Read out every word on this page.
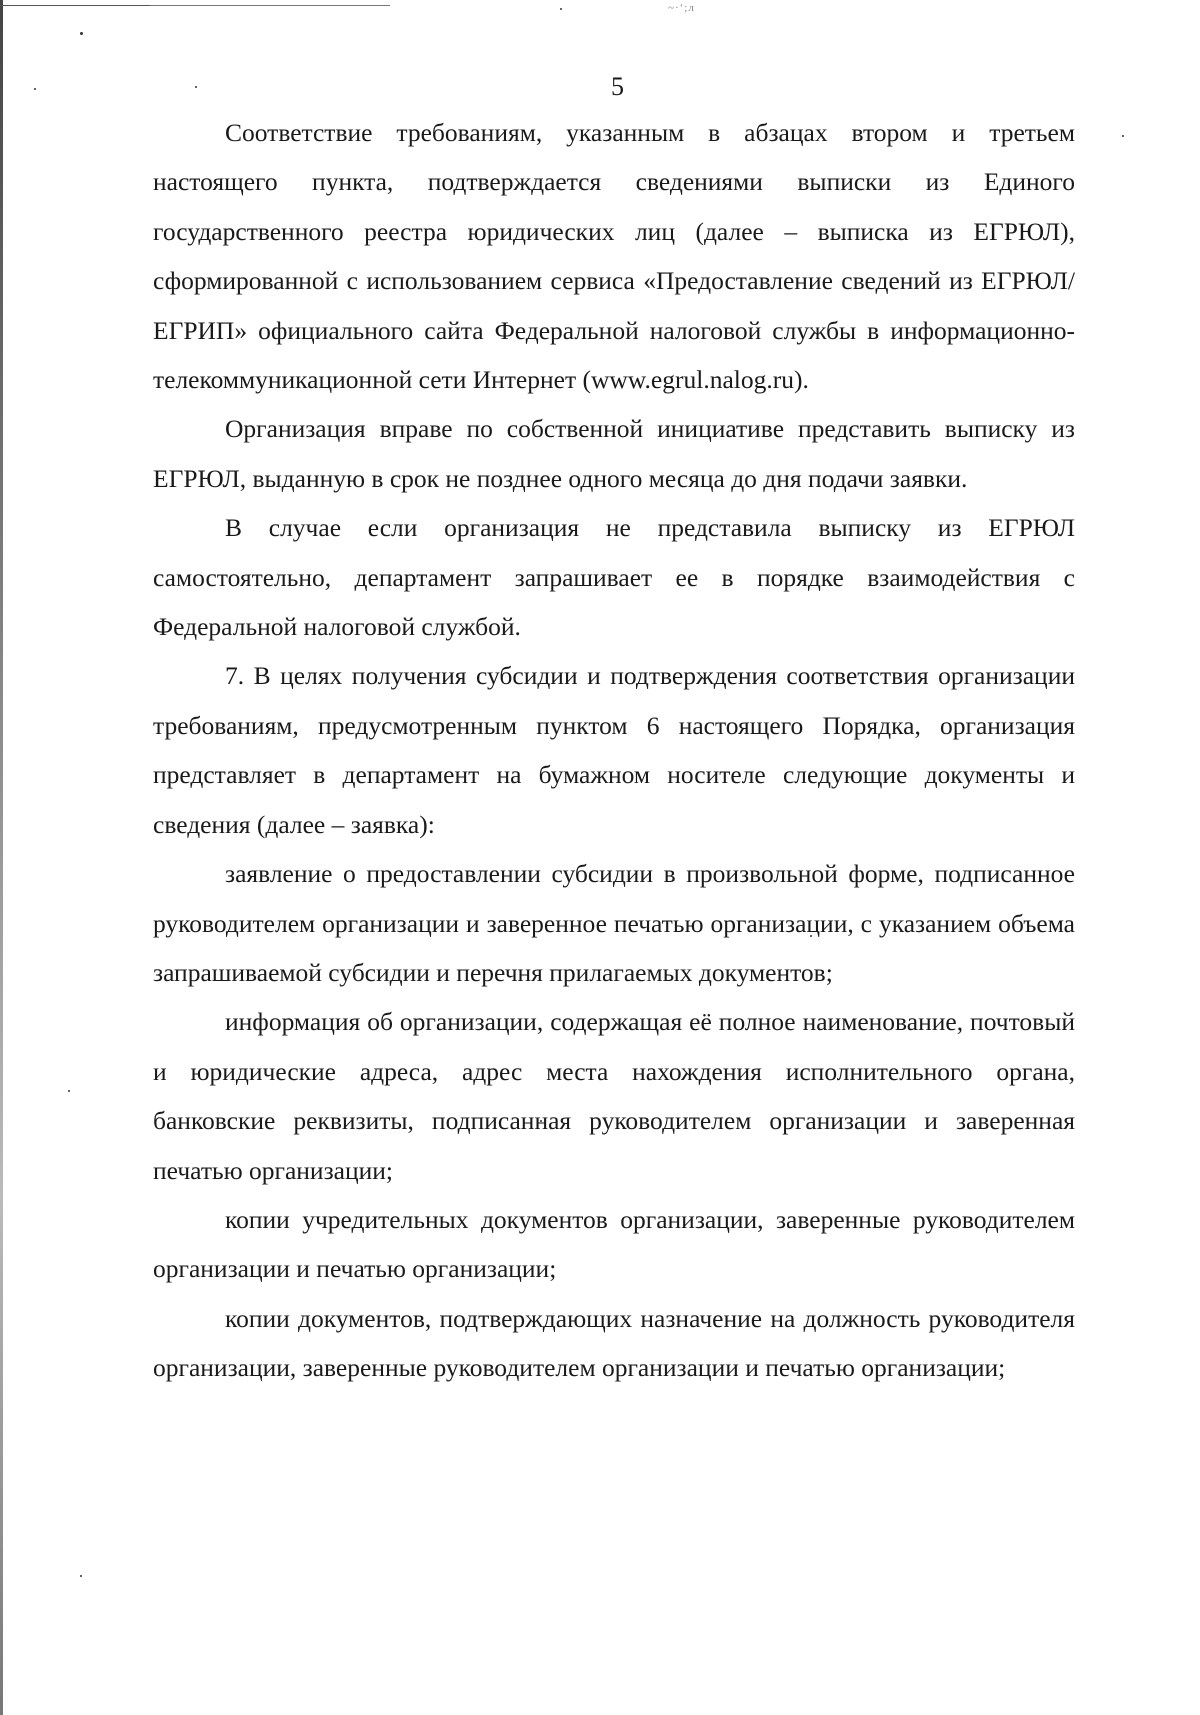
~·ʻ;л
5

Соответствие требованиям, указанным в абзацах втором и третьем настоящего пункта, подтверждается сведениями выписки из Единого государственного реестра юридических лиц (далее – выписка из ЕГРЮЛ), сформированной с использованием сервиса «Предоставление сведений из ЕГРЮЛ/ЕГРИП» официального сайта Федеральной налоговой службы в информационно-телекоммуникационной сети Интернет (www.egrul.nalog.ru).

Организация вправе по собственной инициативе представить выписку из ЕГРЮЛ, выданную в срок не позднее одного месяца до дня подачи заявки.

В случае если организация не представила выписку из ЕГРЮЛ самостоятельно, департамент запрашивает ее в порядке взаимодействия с Федеральной налоговой службой.

7. В целях получения субсидии и подтверждения соответствия организации требованиям, предусмотренным пунктом 6 настоящего Порядка, организация представляет в департамент на бумажном носителе следующие документы и сведения (далее – заявка):

заявление о предоставлении субсидии в произвольной форме, подписанное руководителем организации и заверенное печатью организации, с указанием объема запрашиваемой субсидии и перечня прилагаемых документов;

информация об организации, содержащая её полное наименование, почтовый и юридические адреса, адрес места нахождения исполнительного органа, банковские реквизиты, подписанная руководителем организации и заверенная печатью организации;

копии учредительных документов организации, заверенные руководителем организации и печатью организации;

копии документов, подтверждающих назначение на должность руководителя организации, заверенные руководителем организации и печатью организации;
